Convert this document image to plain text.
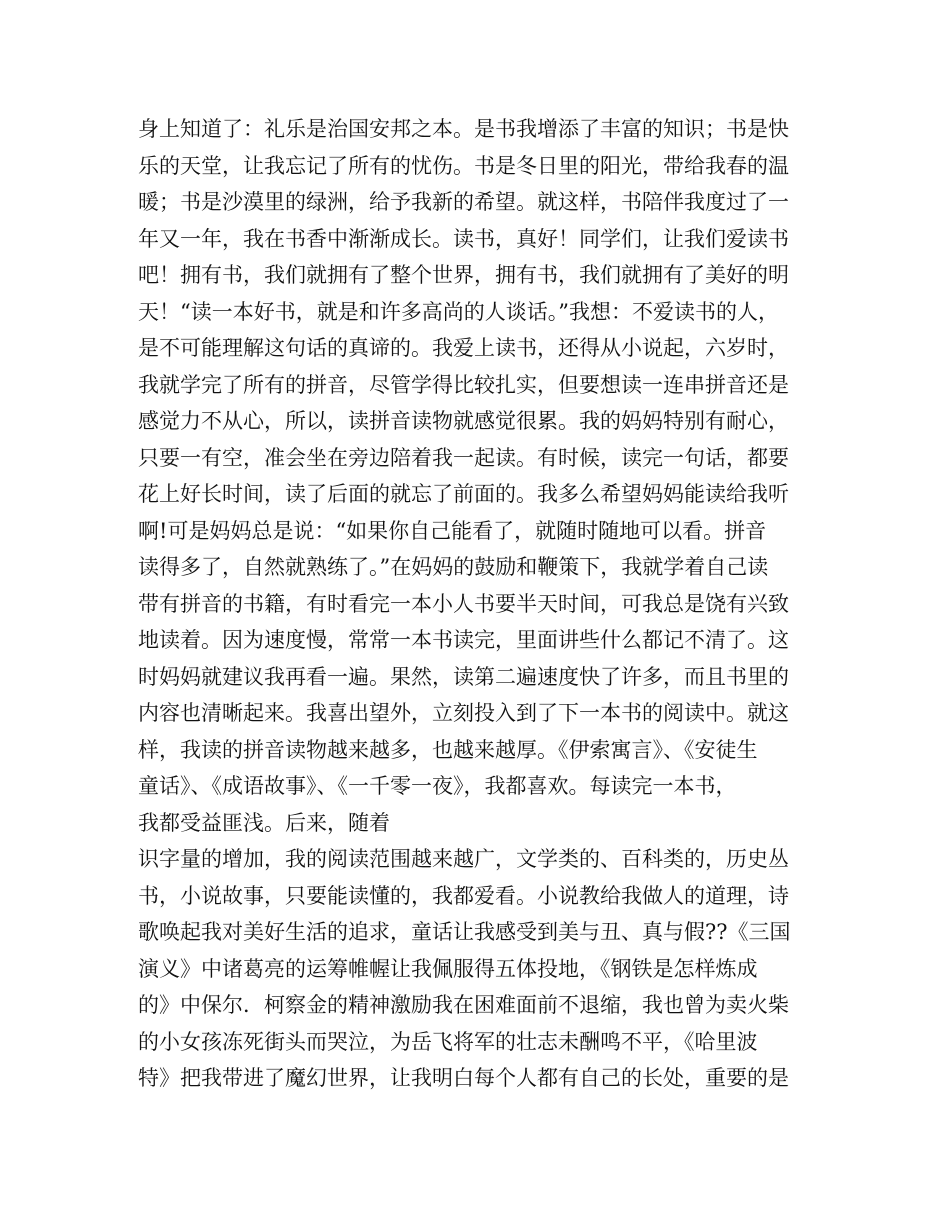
身上知道了：礼乐是治国安邦之本。是书我增添了丰富的知识；书是快
乐的天堂，让我忘记了所有的忧伤。书是冬日里的阳光，带给我春的温
暖；书是沙漠里的绿洲，给予我新的希望。就这样，书陪伴我度过了一
年又一年，我在书香中渐渐成长。读书，真好！同学们，让我们爱读书
吧！拥有书，我们就拥有了整个世界，拥有书，我们就拥有了美好的明
天！“读一本好书，就是和许多高尚的人谈话。”我想：不爱读书的人，
是不可能理解这句话的真谛的。我爱上读书，还得从小说起，六岁时，
我就学完了所有的拼音，尽管学得比较扎实，但要想读一连串拼音还是
感觉力不从心，所以，读拼音读物就感觉很累。我的妈妈特别有耐心，
只要一有空，准会坐在旁边陪着我一起读。有时候，读完一句话，都要
花上好长时间，读了后面的就忘了前面的。我多么希望妈妈能读给我听
啊!可是妈妈总是说：“如果你自己能看了，就随时随地可以看。拼音
读得多了，自然就熟练了。”在妈妈的鼓励和鞭策下，我就学着自己读
带有拼音的书籍，有时看完一本小人书要半天时间，可我总是饶有兴致
地读着。因为速度慢，常常一本书读完，里面讲些什么都记不清了。这
时妈妈就建议我再看一遍。果然，读第二遍速度快了许多，而且书里的
内容也清晰起来。我喜出望外，立刻投入到了下一本书的阅读中。就这
样，我读的拼音读物越来越多，也越来越厚。《伊索寓言》、《安徒生
童话》、《成语故事》、《一千零一夜》，我都喜欢。每读完一本书，
我都受益匪浅。后来，随着
识字量的增加，我的阅读范围越来越广，文学类的、百科类的，历史丛
书，小说故事，只要能读懂的，我都爱看。小说教给我做人的道理，诗
歌唤起我对美好生活的追求，童话让我感受到美与丑、真与假??《三国
演义》中诸葛亮的运筹帷幄让我佩服得五体投地，《钢铁是怎样炼成
的》中保尔．柯察金的精神激励我在困难面前不退缩，我也曾为卖火柴
的小女孩冻死街头而哭泣，为岳飞将军的壮志未酬鸣不平，《哈里波
特》把我带进了魔幻世界，让我明白每个人都有自己的长处，重要的是
